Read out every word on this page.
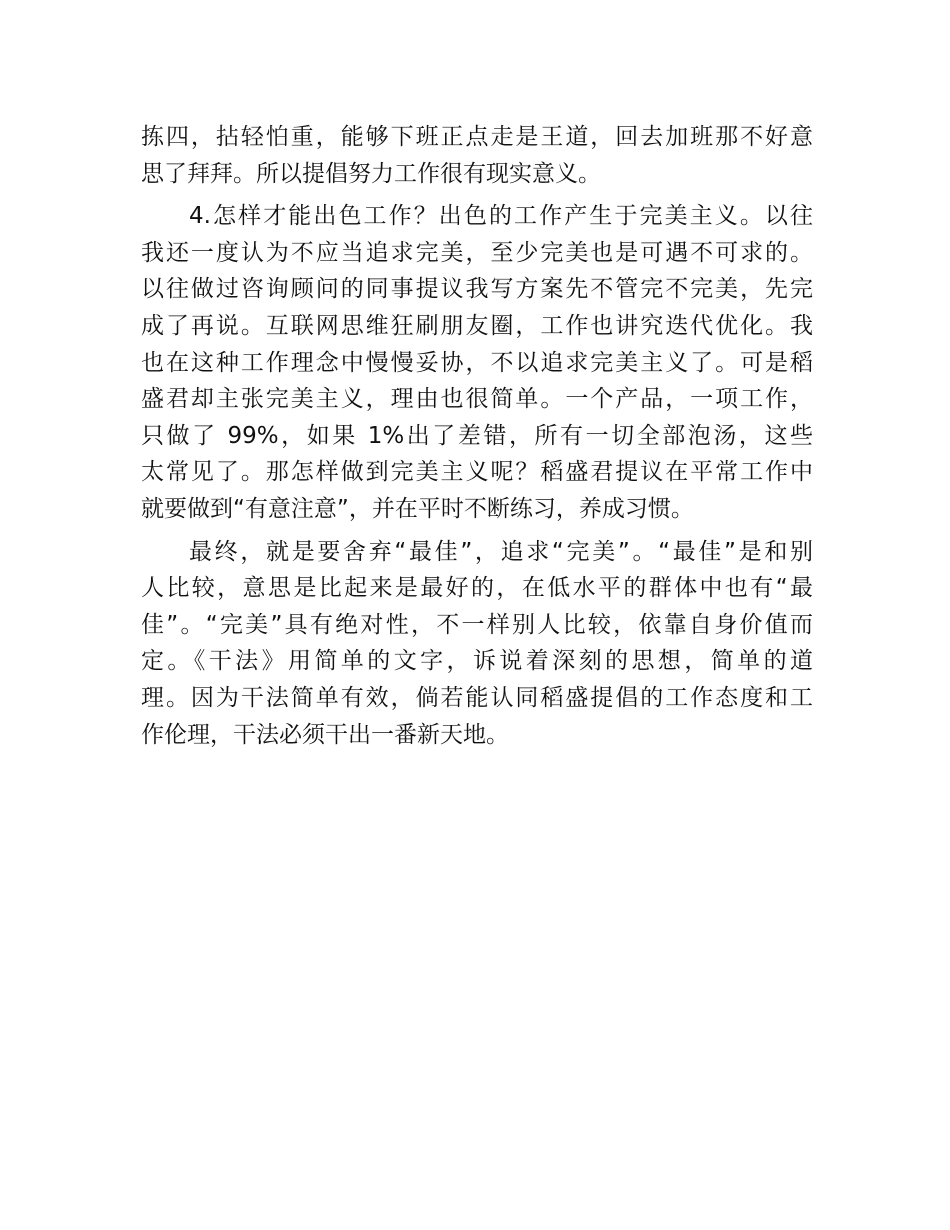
拣四，拈轻怕重，能够下班正点走是王道，回去加班那不好意
思了拜拜。所以提倡努力工作很有现实意义。
4.怎样才能出色工作？出色的工作产生于完美主义。以往
我还一度认为不应当追求完美，至少完美也是可遇不可求的。
以往做过咨询顾问的同事提议我写方案先不管完不完美，先完
成了再说。互联网思维狂刷朋友圈，工作也讲究迭代优化。我
也在这种工作理念中慢慢妥协，不以追求完美主义了。可是稻
盛君却主张完美主义，理由也很简单。一个产品，一项工作，
只做了 99%，如果 1%出了差错，所有一切全部泡汤，这些
太常见了。那怎样做到完美主义呢？稻盛君提议在平常工作中
就要做到“有意注意”，并在平时不断练习，养成习惯。
最终，就是要舍弃“最佳”，追求“完美”。“最佳”是和别
人比较，意思是比起来是最好的，在低水平的群体中也有“最
佳”。“完美”具有绝对性，不一样别人比较，依靠自身价值而
定。《干法》用简单的文字，诉说着深刻的思想，简单的道
理。因为干法简单有效，倘若能认同稻盛提倡的工作态度和工
作伦理，干法必须干出一番新天地。
